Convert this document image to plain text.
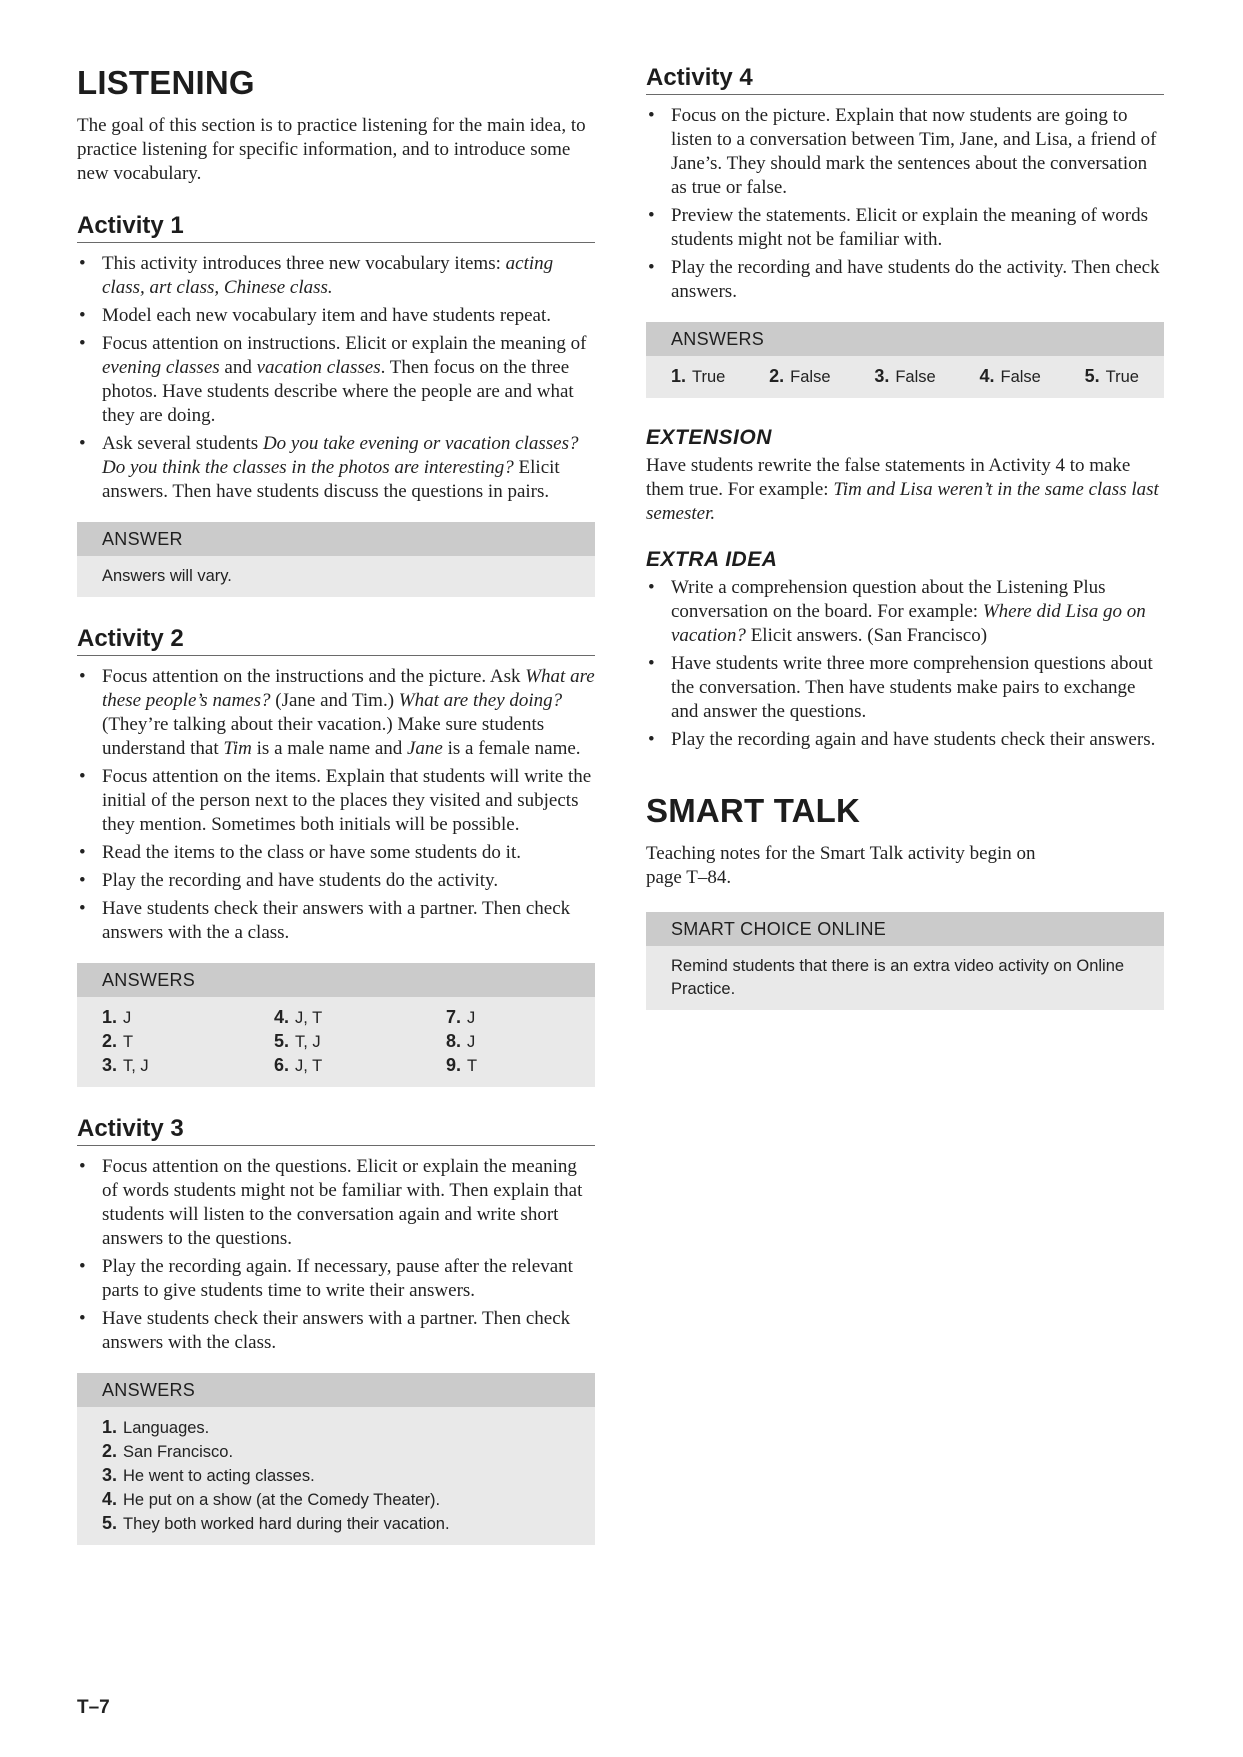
LISTENING

The goal of this section is to practice listening for the main idea, to practice listening for specific information, and to introduce some new vocabulary.

Activity 1
• This activity introduces three new vocabulary items: acting class, art class, Chinese class.
• Model each new vocabulary item and have students repeat.
• Focus attention on instructions. Elicit or explain the meaning of evening classes and vacation classes. Then focus on the three photos. Have students describe where the people are and what they are doing.
• Ask several students Do you take evening or vacation classes? Do you think the classes in the photos are interesting? Elicit answers. Then have students discuss the questions in pairs.
ANSWER
Answers will vary.
Activity 2
• Focus attention on the instructions and the picture. Ask What are these people’s names? (Jane and Tim.) What are they doing? (They’re talking about their vacation.) Make sure students understand that Tim is a male name and Jane is a female name.
• Focus attention on the items. Explain that students will write the initial of the person next to the places they visited and subjects they mention. Sometimes both initials will be possible.
• Read the items to the class or have some students do it.
• Play the recording and have students do the activity.
• Have students check their answers with a partner. Then check answers with the a class.
ANSWERS
1. J	4. J, T	7. J
2. T	5. T, J	8. J
3. T, J	6. J, T	9. T
Activity 3
• Focus attention on the questions. Elicit or explain the meaning of words students might not be familiar with. Then explain that students will listen to the conversation again and write short answers to the questions.
• Play the recording again. If necessary, pause after the relevant parts to give students time to write their answers.
• Have students check their answers with a partner. Then check answers with the class.
ANSWERS
1. Languages.
2. San Francisco.
3. He went to acting classes.
4. He put on a show (at the Comedy Theater).
5. They both worked hard during their vacation.
Activity 4
• Focus on the picture. Explain that now students are going to listen to a conversation between Tim, Jane, and Lisa, a friend of Jane’s. They should mark the sentences about the conversation as true or false.
• Preview the statements. Elicit or explain the meaning of words students might not be familiar with.
• Play the recording and have students do the activity. Then check answers.
ANSWERS
1. True 2. False 3. False 4. False 5. True
EXTENSION

Have students rewrite the false statements in Activity 4 to make them true. For example: Tim and Lisa weren’t in the same class last semester.

EXTRA IDEA
• Write a comprehension question about the Listening Plus conversation on the board. For example: Where did Lisa go on vacation? Elicit answers. (San Francisco)
• Have students write three more comprehension questions about the conversation. Then have students make pairs to exchange and answer the questions.
• Play the recording again and have students check their answers.
SMART TALK

Teaching notes for the Smart Talk activity begin on page T–84.

SMART CHOICE ONLINE
Remind students that there is an extra video activity on Online Practice.
T–7
